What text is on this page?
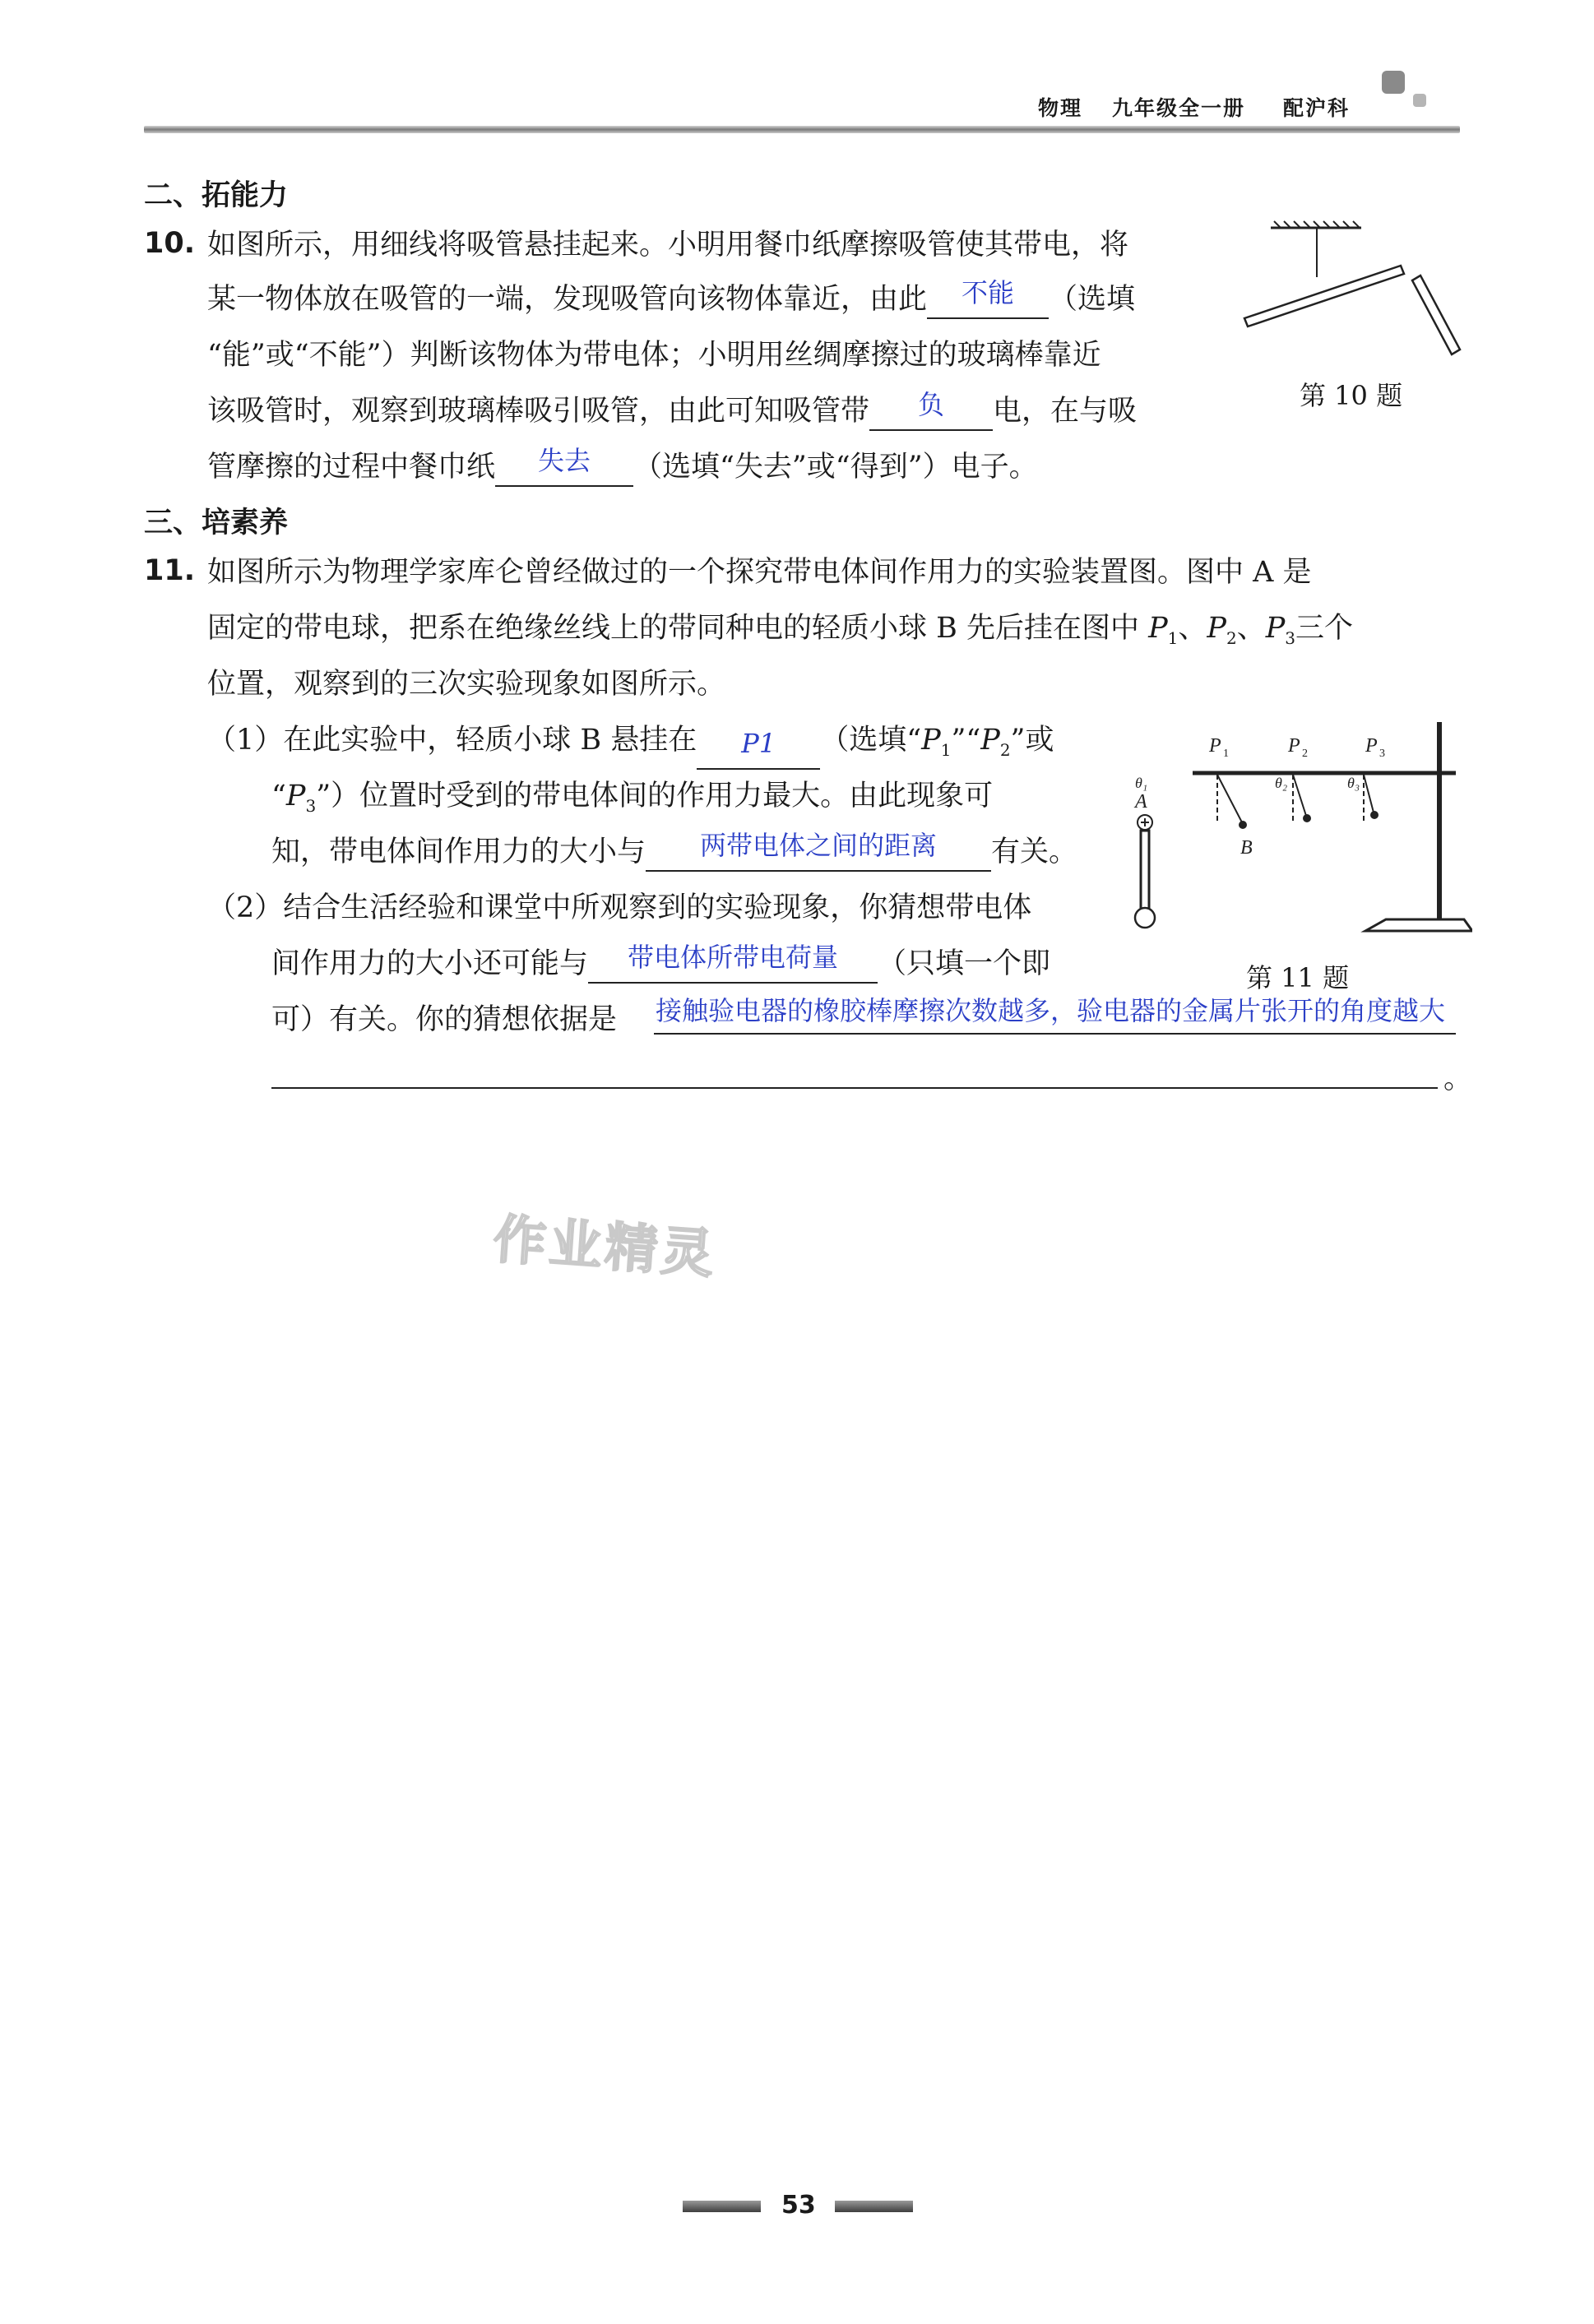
物理 九年级全一册 配沪科
二、拓能力
10. 如图所示，用细线将吸管悬挂起来。小明用餐巾纸摩擦吸管使其带电，将
某一物体放在吸管的一端，发现吸管向该物体靠近，由此	不能	（选填
“能”或“不能”）判断该物体为带电体；小明用丝绸摩擦过的玻璃棒靠近
该吸管时，观察到玻璃棒吸引吸管，由此可知吸管带	负	电，在与吸
管摩擦的过程中餐巾纸	失去	（选填“失去”或“得到”）电子。
第 10 题
三、培素养
11. 如图所示为物理学家库仑曾经做过的一个探究带电体间作用力的实验装置图。图中 A 是
固定的带电球，把系在绝缘丝线上的带同种电的轻质小球 B 先后挂在图中 $P_1$、$P_2$、$P_3$三个
位置，观察到的三次实验现象如图所示。
（1）在此实验中，轻质小球 B 悬挂在	P1	（选填“$P_1”“P_2$”或
“$P_3$”）位置时受到的带电体间的作用力最大。由此现象可
知，带电体间作用力的大小与	两带电体之间的距离	有关。
（2）结合生活经验和课堂中所观察到的实验现象，你猜想带电体
间作用力的大小还可能与	带电体所带电荷量	（只填一个即
可）有关。你的猜想依据是 接触验电器的橡胶棒摩擦次数越多，验电器的金属片张开的角度越大
。
P 1	P 2	P 3
θ₁	θ₂	θ₃
A
B
第 11 题
作业精灵
53
